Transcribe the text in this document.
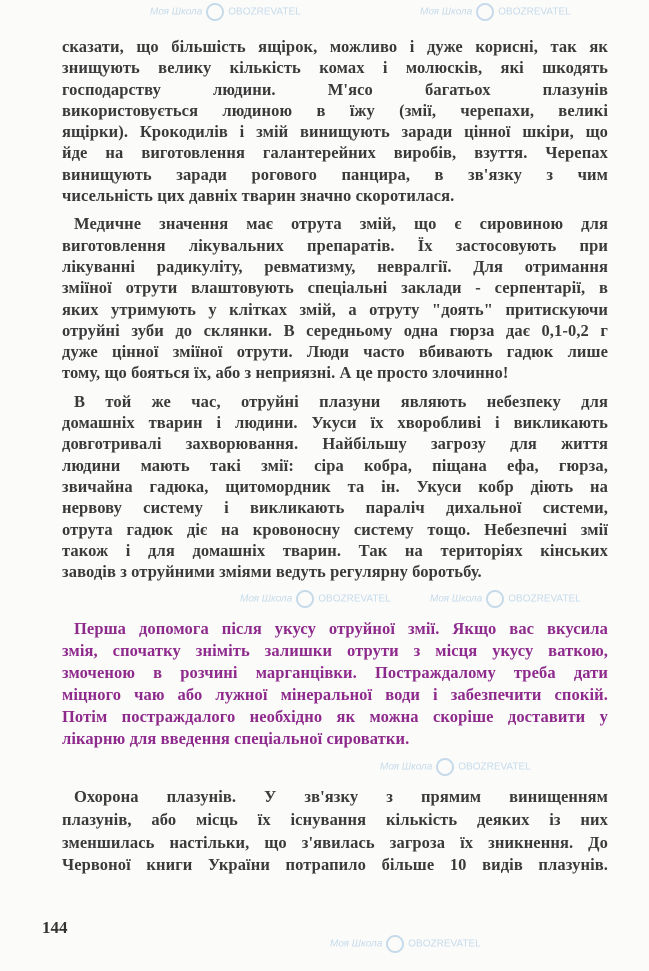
сказати, що більшість ящірок, можливо і дуже корисні, так як
знищують велику кількість комах і молюсків, які шкодять
господарству людини. М'ясо багатьох плазунів
використовується людиною в їжу (змії, черепахи, великі
ящірки). Крокодилів і змій винищують заради цінної шкіри, що
йде на виготовлення галантерейних виробів, взуття. Черепах
винищують заради рогового панцира, в зв'язку з чим
чисельність цих давніх тварин значно скоротилася.
Медичне значення має отрута змій, що є сировиною для
виготовлення лікувальних препаратів. Їх застосовують при
лікуванні радикуліту, ревматизму, невралгії. Для отримання
зміїної отрути влаштовують спеціальні заклади - серпентарії, в
яких утримують у клітках змій, а отруту "доять" притискуючи
отруйні зуби до склянки. В середньому одна гюрза дає 0,1-0,2 г
дуже цінної зміїної отрути. Люди часто вбивають гадюк лише
тому, що бояться їх, або з неприязні. А це просто злочинно!
В той же час, отруйні плазуни являють небезпеку для
домашніх тварин і людини. Укуси їх хворобливі і викликають
довготривалі захворювання. Найбільшу загрозу для життя
людини мають такі змії: сіра кобра, піщана ефа, гюрза,
звичайна гадюка, щитомордник та ін. Укуси кобр діють на
нервову систему і викликають параліч дихальної системи,
отрута гадюк діє на кровоносну систему тощо. Небезпечні змії
також і для домашніх тварин. Так на територіях кінських
заводів з отруйними зміями ведуть регулярну боротьбу.
Перша допомога після укусу отруйної змії. Якщо вас вкусила
змія, спочатку зніміть залишки отрути з місця укусу ваткою,
змоченою в розчині марганцівки. Постраждалому треба дати
міцного чаю або лужної мінеральної води і забезпечити спокій.
Потім постраждалого необхідно як можна скоріше доставити у
лікарню для введення спеціальної сироватки.
Охорона плазунів. У зв'язку з прямим винищенням
плазунів, або місць їх існування кількість деяких із них
зменшилась настільки, що з'явилась загроза їх зникнення. До
Червоної книги України потрапило більше 10 видів плазунів.
144
Моя Школа	OBOZREVATEL	Моя Школа	OBOZREVATEL
Моя Школа	OBOZREVATEL	Моя Школа	OBOZREVATEL
Моя Школа	OBOZREVATEL
Моя Школа	OBOZREVATEL
